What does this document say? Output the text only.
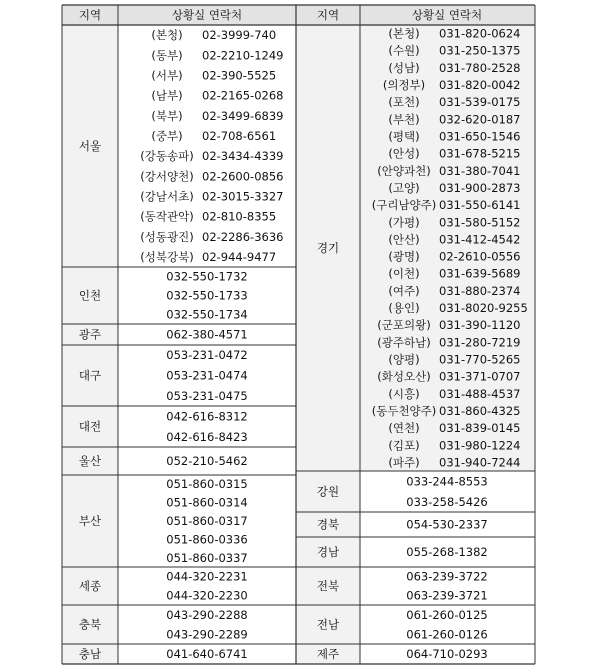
지역	상황실 연락처	지역	상황실 연락처
서울
(본청) 02-3999-740
(동부) 02-2210-1249
(서부) 02-390-5525
(남부) 02-2165-0268
(북부) 02-3499-6839
(중부) 02-708-6561
(강동송파) 02-3434-4339
(강서양천) 02-2600-0856
(강남서초) 02-3015-3327
(동작관악) 02-810-8355
(성동광진) 02-2286-3636
(성북강북) 02-944-9477
인천
032-550-1732
032-550-1733
032-550-1734
광주	062-380-4571
대구
053-231-0472
053-231-0474
053-231-0475
대전
042-616-8312
042-616-8423
울산	052-210-5462
부산
051-860-0315
051-860-0314
051-860-0317
051-860-0336
051-860-0337
세종
044-320-2231
044-320-2230
충북
043-290-2288
043-290-2289
충남	041-640-6741
경기
(본청) 031-820-0624
(수원) 031-250-1375
(성남) 031-780-2528
(의정부) 031-820-0042
(포천) 031-539-0175
(부천) 032-620-0187
(평택) 031-650-1546
(안성) 031-678-5215
(안양과천) 031-380-7041
(고양) 031-900-2873
(구리남양주) 031-550-6141
(가평) 031-580-5152
(안산) 031-412-4542
(광명) 02-2610-0556
(이천) 031-639-5689
(여주) 031-880-2374
(용인) 031-8020-9255
(군포의왕) 031-390-1120
(광주하남) 031-280-7219
(양평) 031-770-5265
(화성오산) 031-371-0707
(시흥) 031-488-4537
(동두천양주) 031-860-4325
(연천) 031-839-0145
(김포) 031-980-1224
(파주) 031-940-7244
강원
033-244-8553
033-258-5426
경북	054-530-2337
경남	055-268-1382
전북
063-239-3722
063-239-3721
전남
061-260-0125
061-260-0126
제주	064-710-0293
